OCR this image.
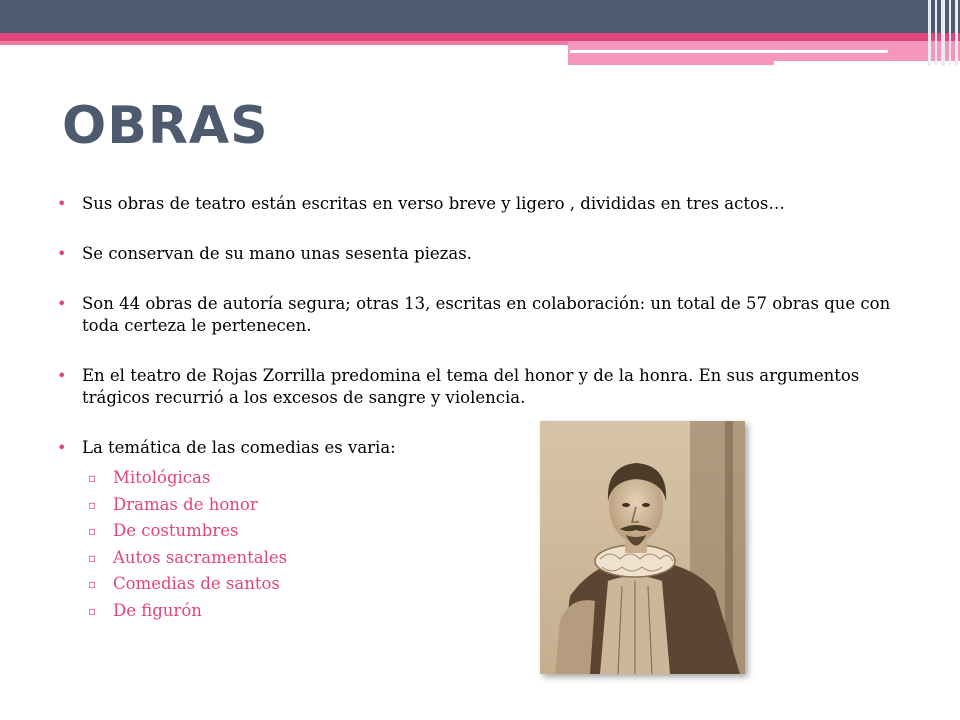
OBRAS
• Sus obras de teatro están escritas en verso breve y ligero , divididas en tres actos…
• Se conservan de su mano unas sesenta piezas.
• Son 44 obras de autoría segura; otras 13, escritas en colaboración: un total de 57 obras que con toda certeza le pertenecen.
• En el teatro de Rojas Zorrilla predomina el tema del honor y de la honra. En sus argumentos trágicos recurrió a los excesos de sangre y violencia.
• La temática de las comedias es varia:
▫ Mitológicas
▫ Dramas de honor
▫ De costumbres
▫ Autos sacramentales
▫ Comedias de santos
▫ De figurón
